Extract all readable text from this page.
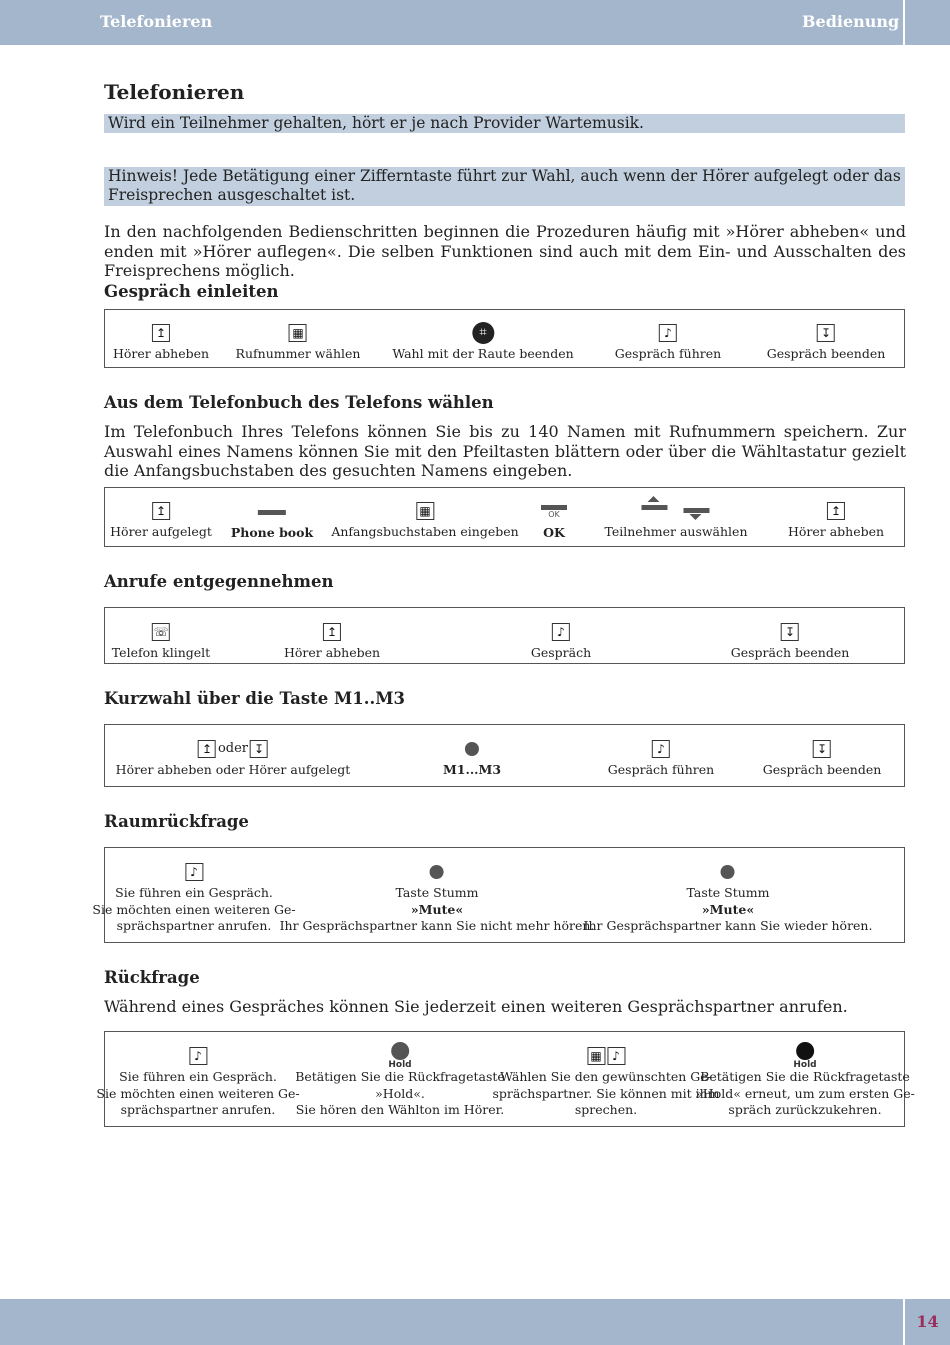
Telefonieren	Bedienung
Telefonieren
Wird ein Teilnehmer gehalten, hört er je nach Provider Wartemusik.
Hinweis! Jede Betätigung einer Zifferntaste führt zur Wahl, auch wenn der Hörer aufgelegt oder das Freisprechen ausgeschaltet ist.
In den nachfolgenden Bedienschritten beginnen die Prozeduren häufig mit »Hörer abheben« und enden mit »Hörer auflegen«. Die selben Funktionen sind auch mit dem Ein- und Ausschalten des Freisprechens möglich.
Gespräch einleiten
↥
Hörer abheben
▦
Rufnummer wählen
⌗
Wahl mit der Raute beenden
♪
Gespräch führen
↧
Gespräch beenden
Aus dem Telefonbuch des Telefons wählen
Im Telefonbuch Ihres Telefons können Sie bis zu 140 Namen mit Rufnummern speichern. Zur Auswahl eines Namens können Sie mit den Pfeiltasten blättern oder über die Wähltastatur gezielt die Anfangsbuchstaben des gesuchten Namens eingeben.
↥
Hörer aufgelegt Phone book
▦
Anfangsbuchstaben eingeben
OK
OK	Teilnehmer auswählen
↥
Hörer abheben
Anrufe entgegennehmen
☏
Telefon klingelt
↥
Hörer abheben
♪
Gespräch
↧
Gespräch beenden
Kurzwahl über die Taste M1..M3
↥ oder ↧
Hörer abheben oder Hörer aufgelegt	M1...M3
♪
Gespräch führen
↧
Gespräch beenden
Raumrückfrage
♪
Sie führen ein Gespräch.
Sie möchten einen weiteren Ge-
sprächspartner anrufen.
Taste Stumm
»Mute«
Ihr Gesprächspartner kann Sie nicht mehr hören.
Taste Stumm
»Mute«
Ihr Gesprächspartner kann Sie wieder hören.
Rückfrage
Während eines Gespräches können Sie jederzeit einen weiteren Gesprächspartner anrufen.
♪
Sie führen ein Gespräch.
Sie möchten einen weiteren Ge-
sprächspartner anrufen.
Hold
Betätigen Sie die Rückfragetaste
»Hold«.
Sie hören den Wählton im Hörer.
▦ ♪
Wählen Sie den gewünschten Ge-
sprächspartner. Sie können mit ihm
sprechen.
Hold
Betätigen Sie die Rückfragetaste
»Hold« erneut, um zum ersten Ge-
spräch zurückzukehren.
14
